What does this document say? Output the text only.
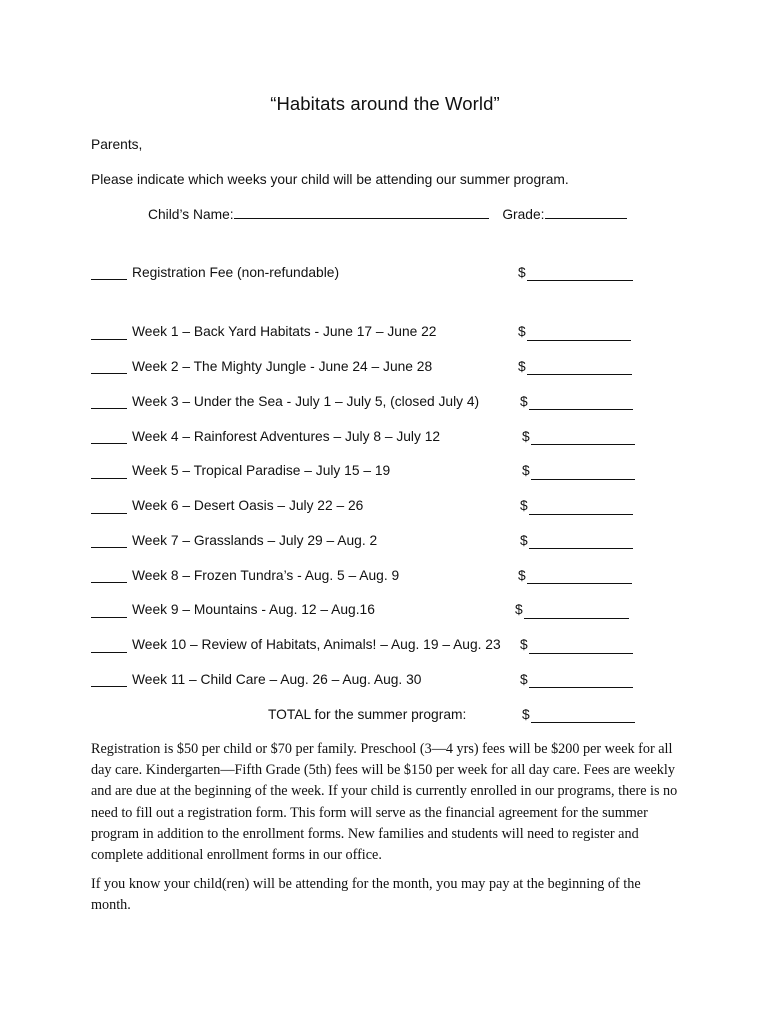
“Habitats around the World”
Parents,
Please indicate which weeks your child will be attending our summer program.
Child’s Name:	Grade:
Registration Fee (non-refundable)	$
Week 1 – Back Yard Habitats - June 17 – June 22	$
Week 2 – The Mighty Jungle - June 24 – June 28	$
Week 3 – Under the Sea - July 1 – July 5, (closed July 4)	$
Week 4 – Rainforest Adventures – July 8 – July 12	$
Week 5 – Tropical Paradise – July 15 – 19	$
Week 6 – Desert Oasis – July 22 – 26	$
Week 7 – Grasslands – July 29 – Aug. 2	$
Week 8 – Frozen Tundra’s - Aug. 5 – Aug. 9	$
Week 9 – Mountains - Aug. 12 – Aug.16	$
Week 10 – Review of Habitats, Animals! – Aug. 19 – Aug. 23 $
Week 11 – Child Care – Aug. 26 – Aug. Aug. 30	$
TOTAL for the summer program:	$
Registration is $50 per child or $70 per family. Preschool (3—4 yrs) fees will be $200 per week for all day care. Kindergarten—Fifth Grade (5th) fees will be $150 per week for all day care. Fees are weekly and are due at the beginning of the week. If your child is currently enrolled in our programs, there is no need to fill out a registration form. This form will serve as the financial agreement for the summer program in addition to the enrollment forms. New families and students will need to register and complete additional enrollment forms in our office.
If you know your child(ren) will be attending for the month, you may pay at the beginning of the month.
